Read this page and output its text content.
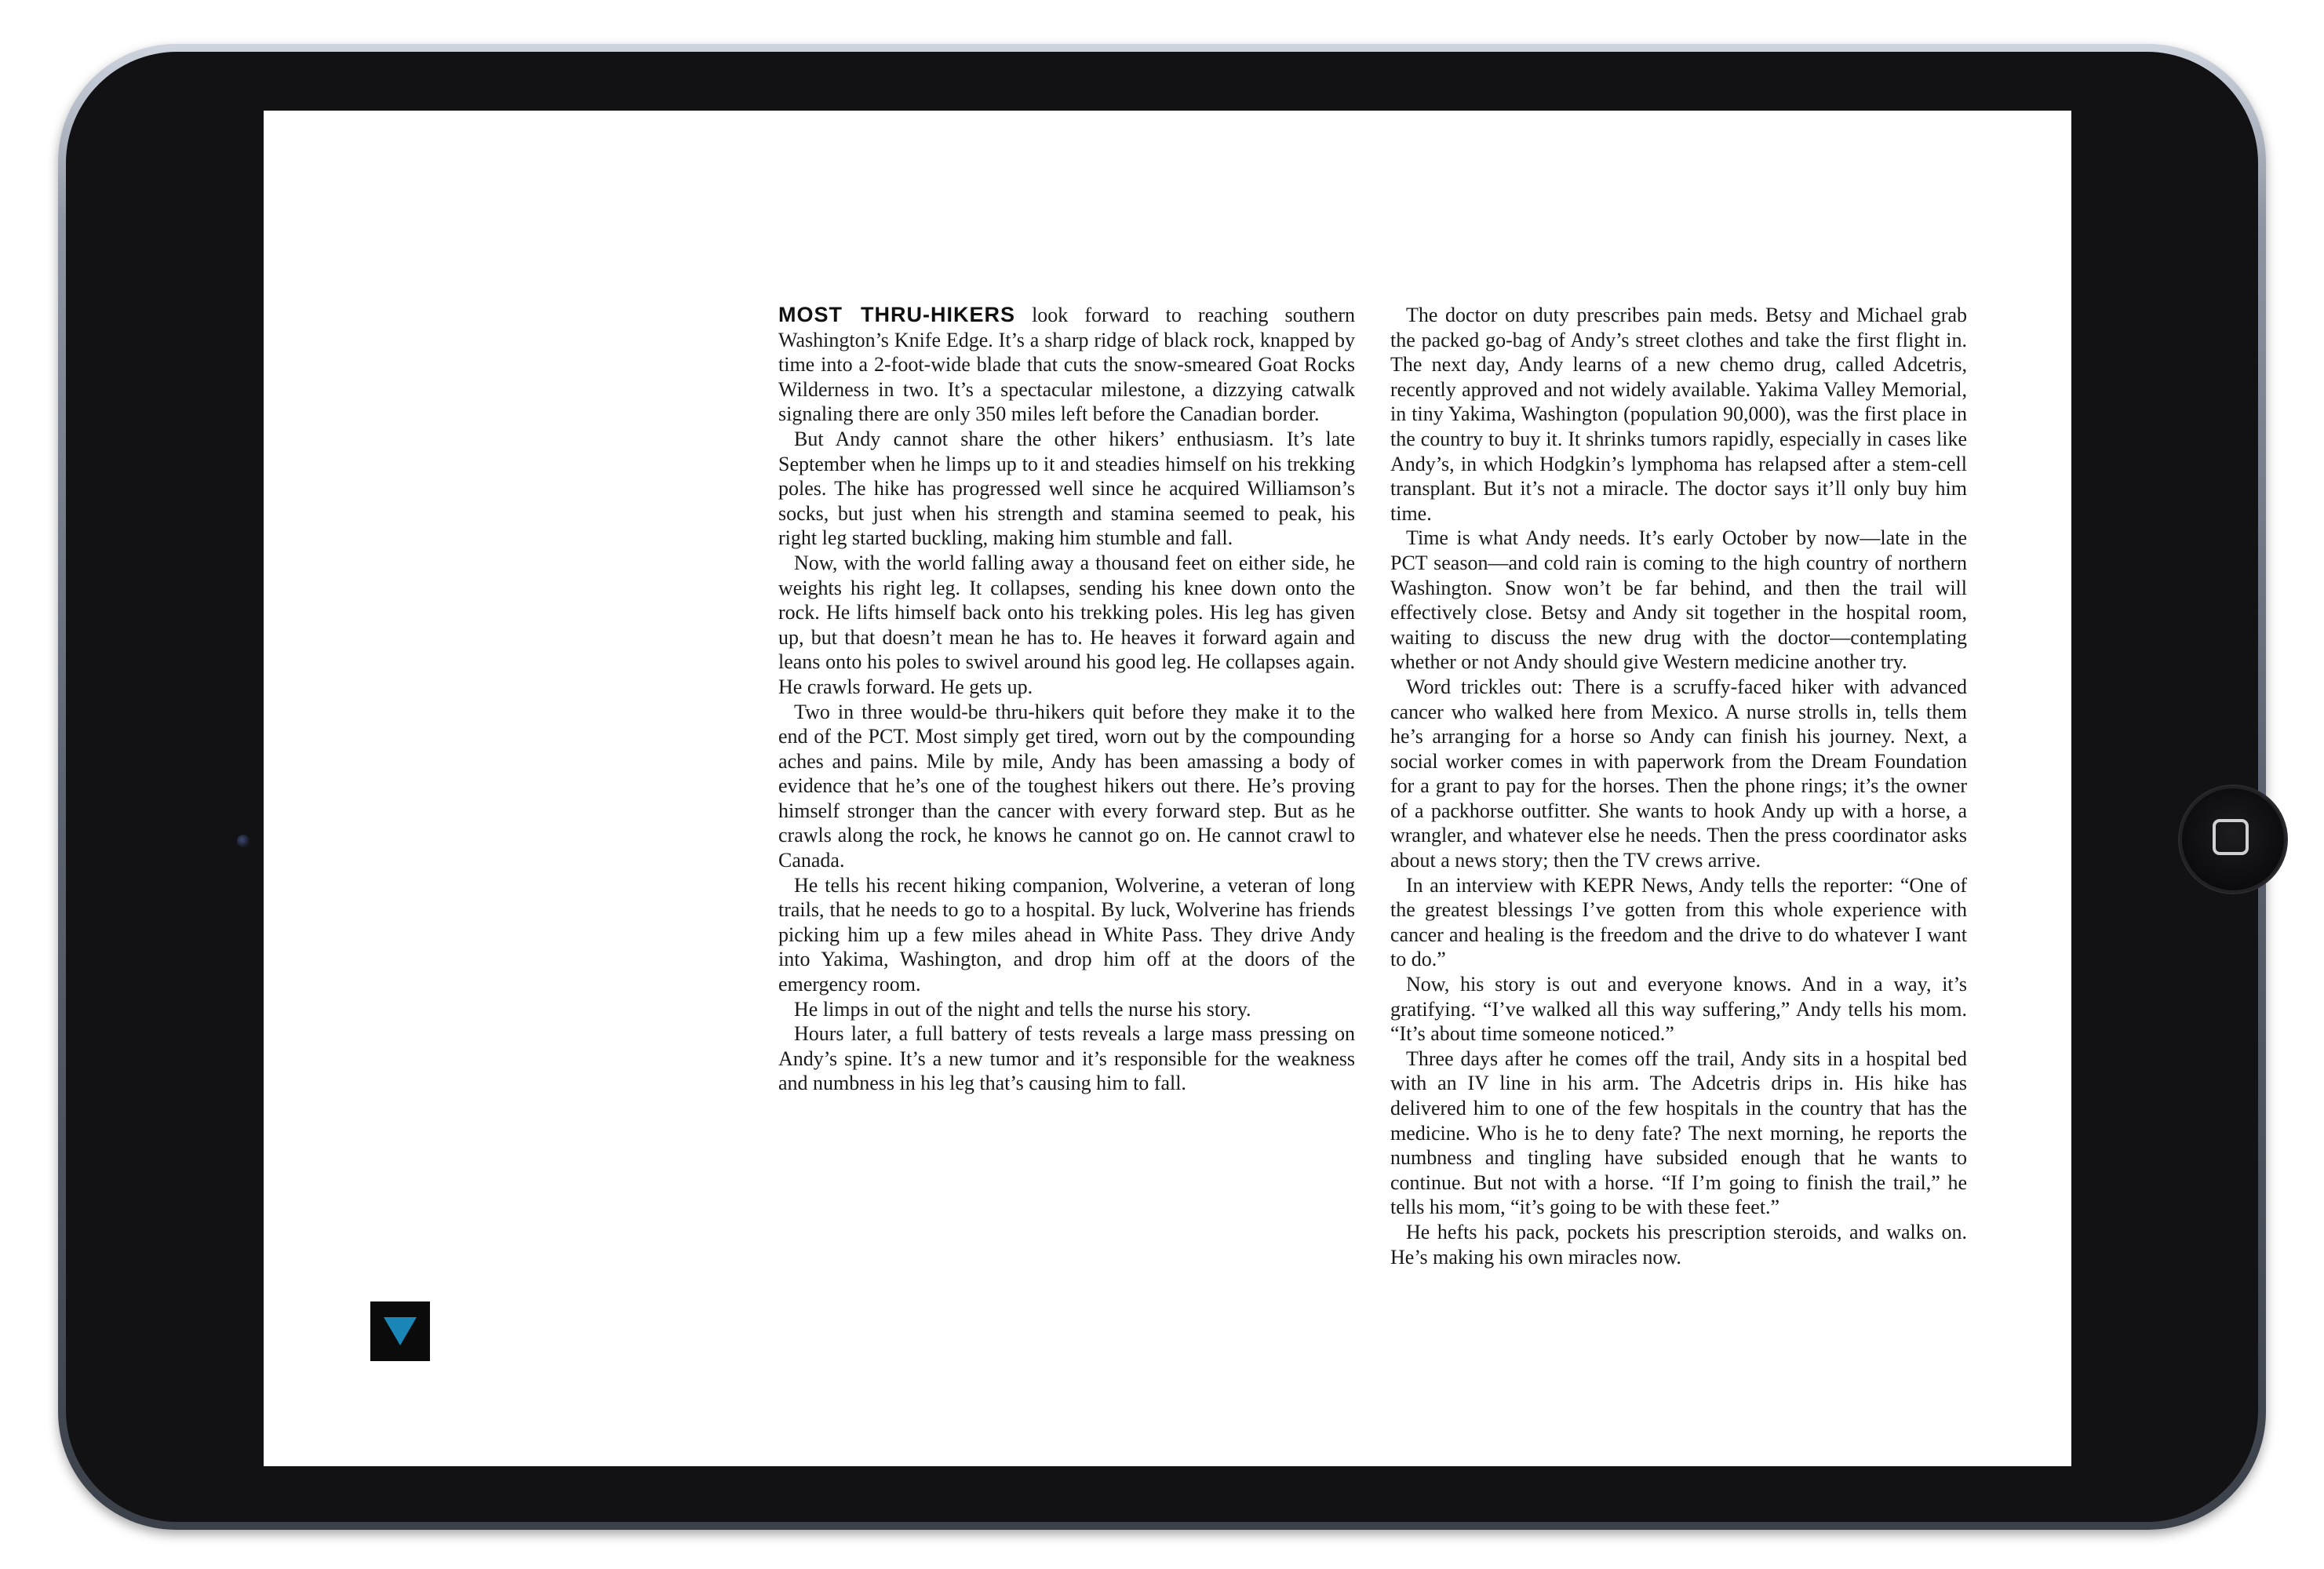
MOST THRU-HIKERS look forward to reaching southern Washington’s Knife Edge. It’s a sharp ridge of black rock, knapped by time into a 2-foot-wide blade that cuts the snow-smeared Goat Rocks Wilderness in two. It’s a spectacular milestone, a dizzying catwalk signaling there are only 350 miles left before the Canadian border.

But Andy cannot share the other hikers’ enthusiasm. It’s late September when he limps up to it and steadies himself on his trekking poles. The hike has progressed well since he acquired Williamson’s socks, but just when his strength and stamina seemed to peak, his right leg started buckling, making him stumble and fall.

Now, with the world falling away a thousand feet on either side, he weights his right leg. It collapses, sending his knee down onto the rock. He lifts himself back onto his trekking poles. His leg has given up, but that doesn’t mean he has to. He heaves it forward again and leans onto his poles to swivel around his good leg. He collapses again. He crawls forward. He gets up.

Two in three would-be thru-hikers quit before they make it to the end of the PCT. Most simply get tired, worn out by the compounding aches and pains. Mile by mile, Andy has been amassing a body of evidence that he’s one of the toughest hikers out there. He’s proving himself stronger than the cancer with every forward step. But as he crawls along the rock, he knows he cannot go on. He cannot crawl to Canada.

He tells his recent hiking companion, Wolverine, a veteran of long trails, that he needs to go to a hospital. By luck, Wolverine has friends picking him up a few miles ahead in White Pass. They drive Andy into Yakima, Washington, and drop him off at the doors of the emergency room.

He limps in out of the night and tells the nurse his story.

Hours later, a full battery of tests reveals a large mass pressing on Andy’s spine. It’s a new tumor and it’s responsible for the weakness and numbness in his leg that’s causing him to fall.

The doctor on duty prescribes pain meds. Betsy and Michael grab the packed go-bag of Andy’s street clothes and take the first flight in. The next day, Andy learns of a new chemo drug, called Adcetris, recently approved and not widely available. Yakima Valley Memorial, in tiny Yakima, Washington (population 90,000), was the first place in the country to buy it. It shrinks tumors rapidly, especially in cases like Andy’s, in which Hodgkin’s lymphoma has relapsed after a stem-cell transplant. But it’s not a miracle. The doctor says it’ll only buy him time.

Time is what Andy needs. It’s early October by now—late in the PCT season—and cold rain is coming to the high country of northern Washington. Snow won’t be far behind, and then the trail will effectively close. Betsy and Andy sit together in the hospital room, waiting to discuss the new drug with the doctor—contemplating whether or not Andy should give Western medicine another try.

Word trickles out: There is a scruffy-faced hiker with advanced cancer who walked here from Mexico. A nurse strolls in, tells them he’s arranging for a horse so Andy can finish his journey. Next, a social worker comes in with paperwork from the Dream Foundation for a grant to pay for the horses. Then the phone rings; it’s the owner of a packhorse outfitter. She wants to hook Andy up with a horse, a wrangler, and whatever else he needs. Then the press coordinator asks about a news story; then the TV crews arrive.

In an interview with KEPR News, Andy tells the reporter: “One of the greatest blessings I’ve gotten from this whole experience with cancer and healing is the freedom and the drive to do whatever I want to do.”

Now, his story is out and everyone knows. And in a way, it’s gratifying. “I’ve walked all this way suffering,” Andy tells his mom. “It’s about time someone noticed.”

Three days after he comes off the trail, Andy sits in a hospital bed with an IV line in his arm. The Adcetris drips in. His hike has delivered him to one of the few hospitals in the country that has the medicine. Who is he to deny fate? The next morning, he reports the numbness and tingling have subsided enough that he wants to continue. But not with a horse. “If I’m going to finish the trail,” he tells his mom, “it’s going to be with these feet.”

He hefts his pack, pockets his prescription steroids, and walks on. He’s making his own miracles now.
